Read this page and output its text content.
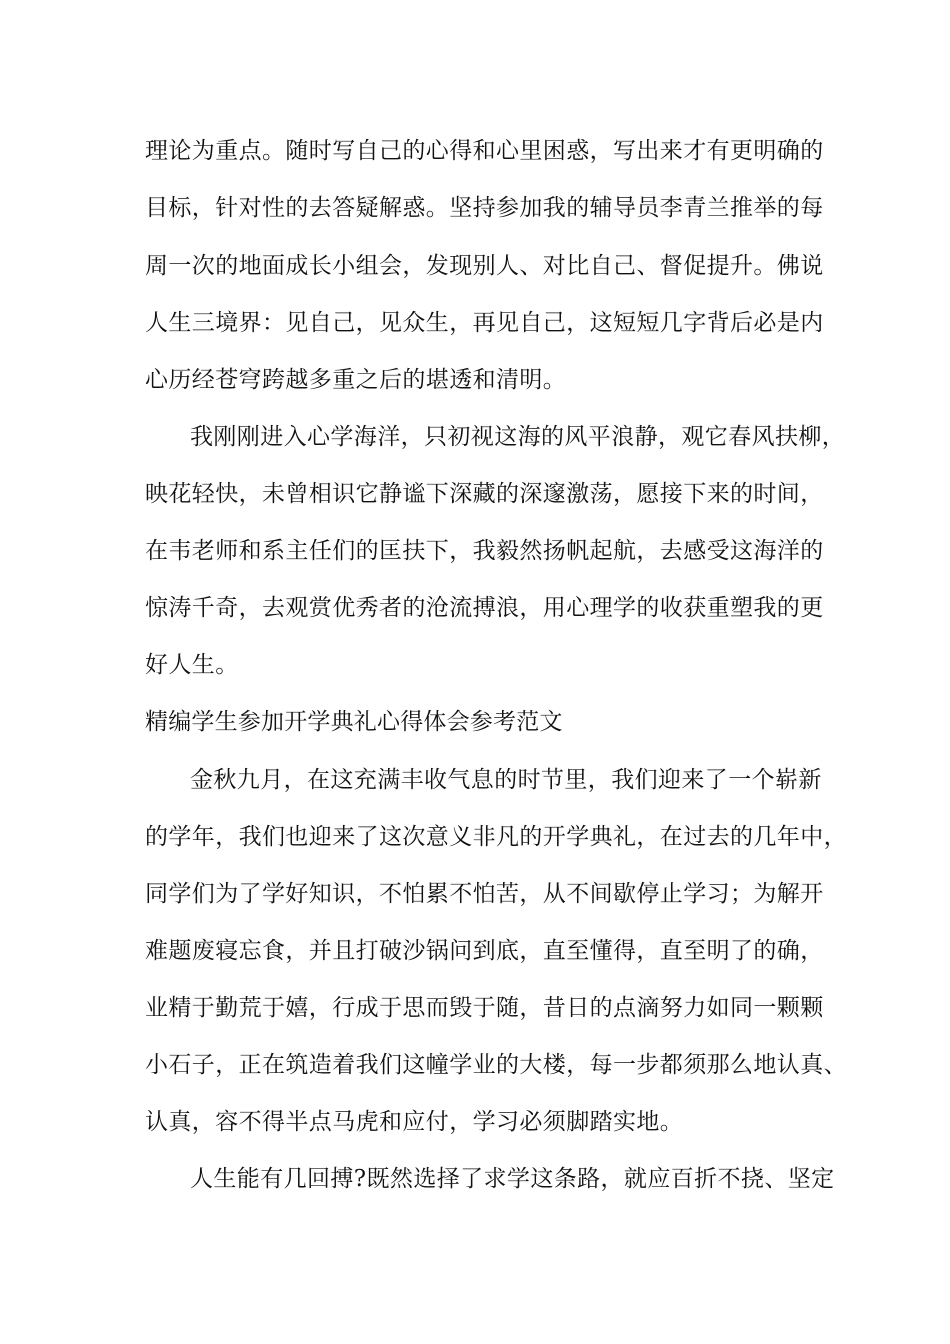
理论为重点。随时写自己的心得和心里困惑，写出来才有更明确的

目标，针对性的去答疑解惑。坚持参加我的辅导员李青兰推举的每

周一次的地面成长小组会，发现别人、对比自己、督促提升。佛说

人生三境界：见自己，见众生，再见自己，这短短几字背后必是内

心历经苍穹跨越多重之后的堪透和清明。

我刚刚进入心学海洋，只初视这海的风平浪静，观它春风扶柳，

映花轻快，未曾相识它静谧下深藏的深邃激荡，愿接下来的时间，

在韦老师和系主任们的匡扶下，我毅然扬帆起航，去感受这海洋的

惊涛千奇，去观赏优秀者的沧流搏浪，用心理学的收获重塑我的更

好人生。

精编学生参加开学典礼心得体会参考范文

金秋九月，在这充满丰收气息的时节里，我们迎来了一个崭新

的学年，我们也迎来了这次意义非凡的开学典礼，在过去的几年中，

同学们为了学好知识，不怕累不怕苦，从不间歇停止学习；为解开

难题废寝忘食，并且打破沙锅问到底，直至懂得，直至明了的确，

业精于勤荒于嬉，行成于思而毁于随，昔日的点滴努力如同一颗颗

小石子，正在筑造着我们这幢学业的大楼，每一步都须那么地认真、

认真，容不得半点马虎和应付，学习必须脚踏实地。

人生能有几回搏?既然选择了求学这条路，就应百折不挠、坚定
